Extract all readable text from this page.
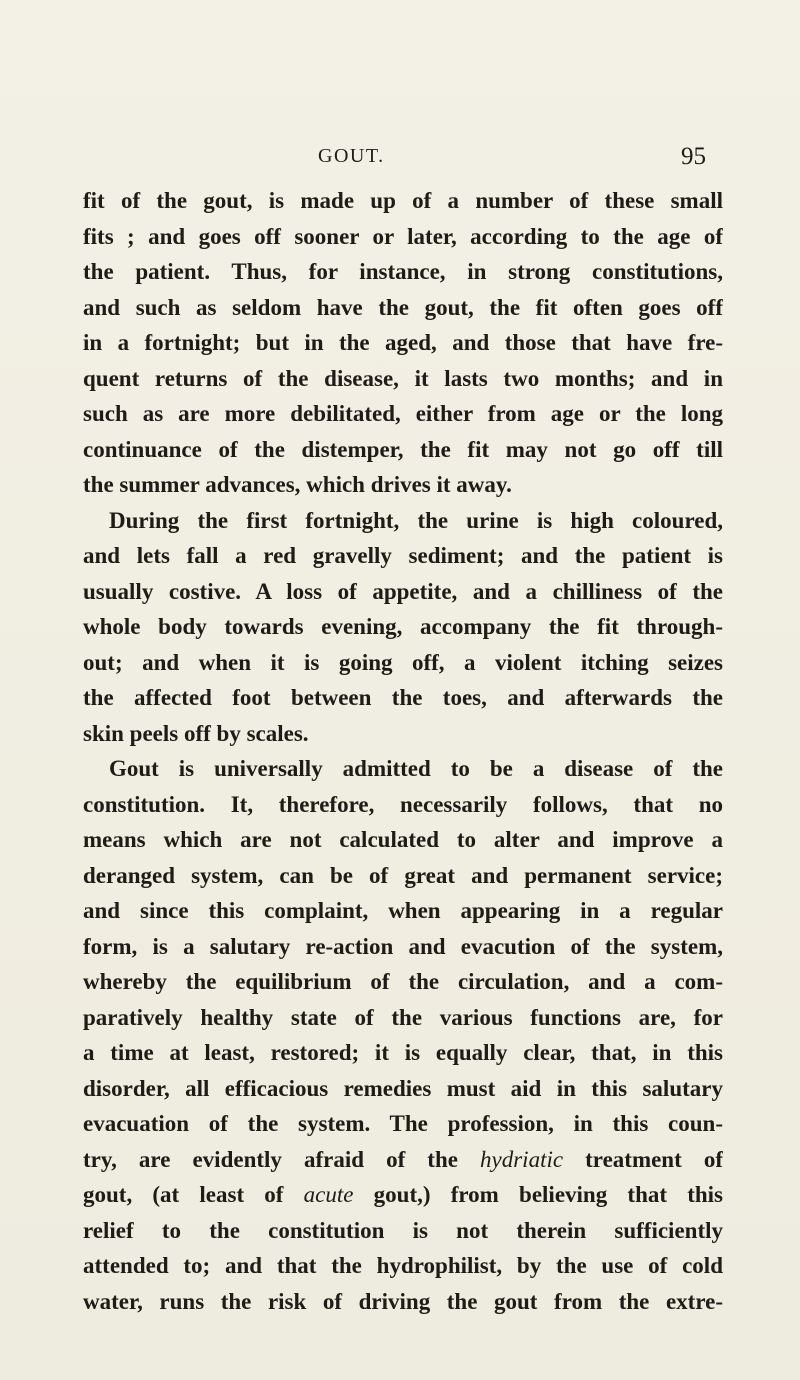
GOUT.	95
fit of the gout, is made up of a number of these small
fits ; and goes off sooner or later, according to the age of
the patient. Thus, for instance, in strong constitutions,
and such as seldom have the gout, the fit often goes off
in a fortnight; but in the aged, and those that have fre-
quent returns of the disease, it lasts two months; and in
such as are more debilitated, either from age or the long
continuance of the distemper, the fit may not go off till
the summer advances, which drives it away.
During the first fortnight, the urine is high coloured,
and lets fall a red gravelly sediment; and the patient is
usually costive. A loss of appetite, and a chilliness of the
whole body towards evening, accompany the fit through-
out; and when it is going off, a violent itching seizes
the affected foot between the toes, and afterwards the
skin peels off by scales.
Gout is universally admitted to be a disease of the
constitution. It, therefore, necessarily follows, that no
means which are not calculated to alter and improve a
deranged system, can be of great and permanent service;
and since this complaint, when appearing in a regular
form, is a salutary re-action and evacution of the system,
whereby the equilibrium of the circulation, and a com-
paratively healthy state of the various functions are, for
a time at least, restored; it is equally clear, that, in this
disorder, all efficacious remedies must aid in this salutary
evacuation of the system. The profession, in this coun-
try, are evidently afraid of the hydriatic treatment of
gout, (at least of acute gout,) from believing that this
relief to the constitution is not therein sufficiently
attended to; and that the hydrophilist, by the use of cold
water, runs the risk of driving the gout from the extre-
